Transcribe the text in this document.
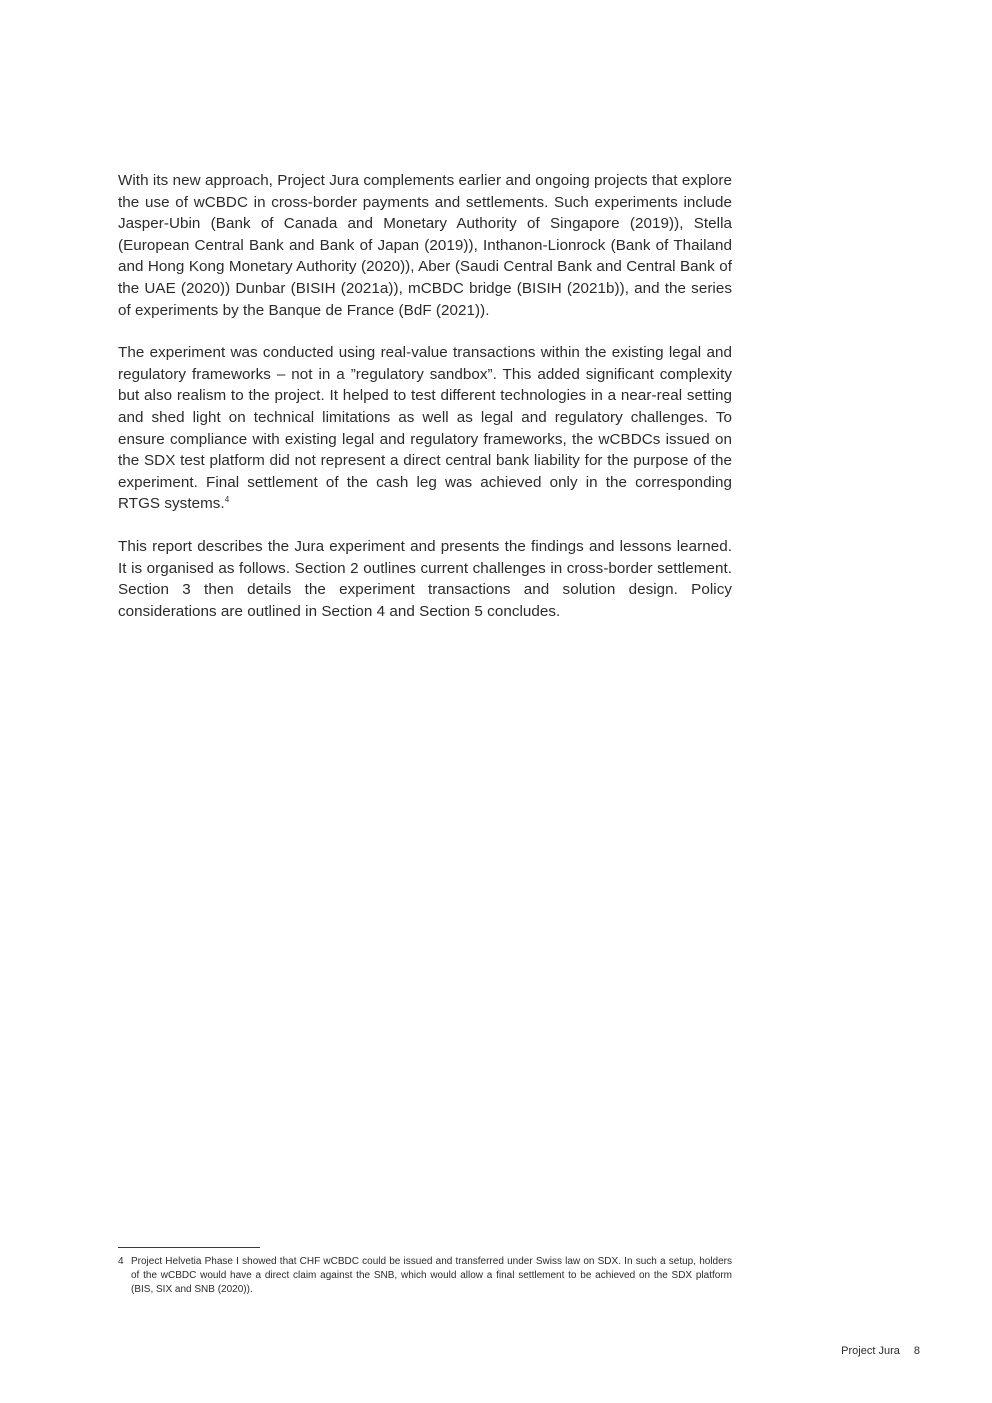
With its new approach, Project Jura complements earlier and ongoing projects that explore the use of wCBDC in cross-border payments and settlements. Such experiments include Jasper-Ubin (Bank of Canada and Monetary Authority of Singapore (2019)), Stella (European Central Bank and Bank of Japan (2019)), Inthanon-Lionrock (Bank of Thailand and Hong Kong Monetary Authority (2020)), Aber (Saudi Central Bank and Central Bank of the UAE (2020)) Dunbar (BISIH (2021a)), mCBDC bridge (BISIH (2021b)), and the series of experiments by the Banque de France (BdF (2021)).

The experiment was conducted using real-value transactions within the existing legal and regulatory frameworks – not in a ”regulatory sandbox”. This added significant complexity but also realism to the project. It helped to test different technologies in a near-real setting and shed light on technical limitations as well as legal and regulatory challenges. To ensure compliance with existing legal and regulatory frameworks, the wCBDCs issued on the SDX test platform did not represent a direct central bank liability for the purpose of the experiment. Final settlement of the cash leg was achieved only in the corresponding RTGS systems.$^4$

This report describes the Jura experiment and presents the findings and lessons learned. It is organised as follows. Section 2 outlines current challenges in cross-border settlement. Section 3 then details the experiment transactions and solution design. Policy considerations are outlined in Section 4 and Section 5 concludes.

4 Project Helvetia Phase I showed that CHF wCBDC could be issued and transferred under Swiss law on SDX. In such a setup, holders of the wCBDC would have a direct claim against the SNB, which would allow a final settlement to be achieved on the SDX platform (BIS, SIX and SNB (2020)).
Project Jura 8
